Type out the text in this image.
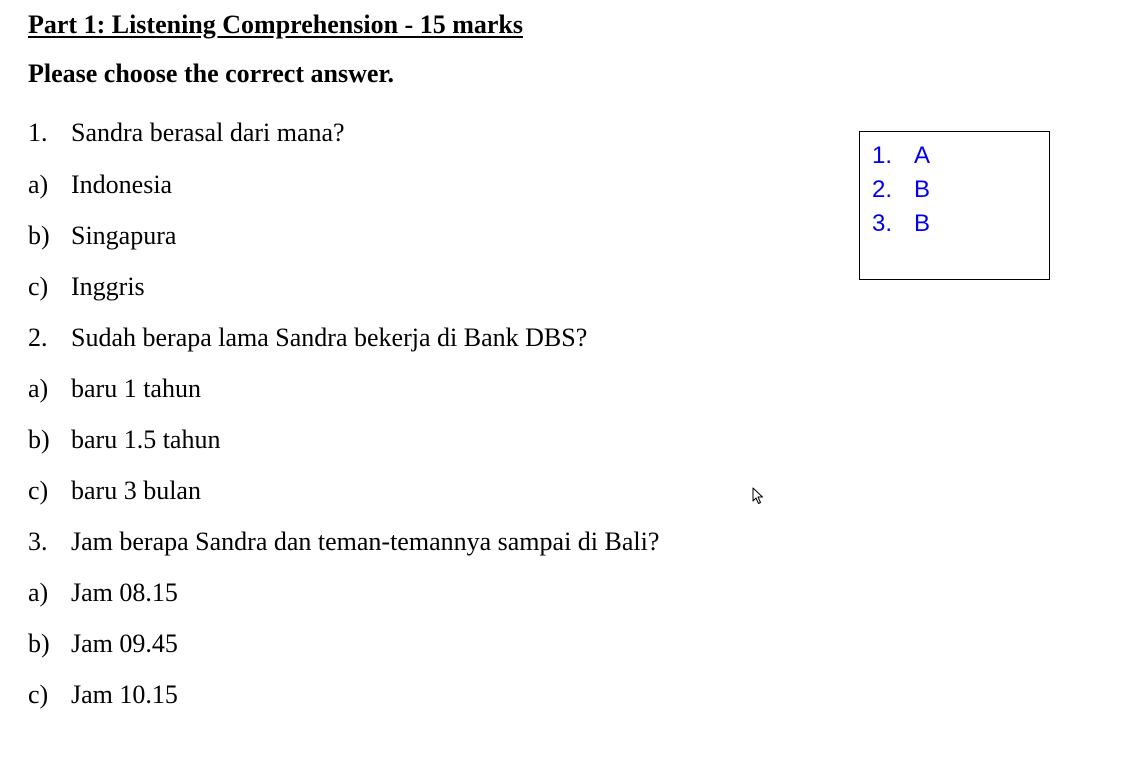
Part 1: Listening Comprehension - 15 marks
Please choose the correct answer.
1. Sandra berasal dari mana?
a) Indonesia
b) Singapura
c) Inggris
2. Sudah berapa lama Sandra bekerja di Bank DBS?
a) baru 1 tahun
b) baru 1.5 tahun
c) baru 3 bulan
3. Jam berapa Sandra dan teman-temannya sampai di Bali?
a) Jam 08.15
b) Jam 09.45
c) Jam 10.15
1. A
2. B
3. B
